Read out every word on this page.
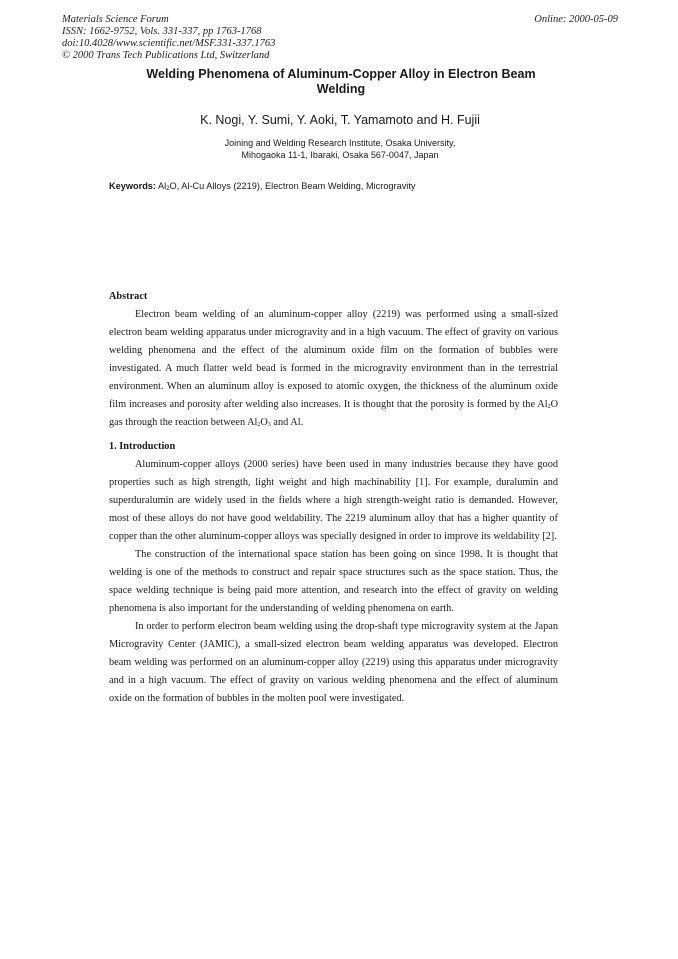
Materials Science Forum
ISSN: 1662-9752, Vols. 331-337, pp 1763-1768
doi:10.4028/www.scientific.net/MSF.331-337.1763
© 2000 Trans Tech Publications Ltd, Switzerland
Online: 2000-05-09
Welding Phenomena of Aluminum-Copper Alloy in Electron Beam
Welding
K. Nogi, Y. Sumi, Y. Aoki, T. Yamamoto and H. Fujii
Joining and Welding Research Institute, Osaka University,
Mihogaoka 11-1, Ibaraki, Osaka 567-0047, Japan
Keywords: $Al_2O$, Al-Cu Alloys (2219), Electron Beam Welding, Microgravity

Abstract

Electron beam welding of an aluminum-copper alloy (2219) was performed using a small-sized electron beam welding apparatus under microgravity and in a high vacuum. The effect of gravity on various welding phenomena and the effect of the aluminum oxide film on the formation of bubbles were investigated. A much flatter weld bead is formed in the microgravity environment than in the terrestrial environment. When an aluminum alloy is exposed to atomic oxygen, the thickness of the aluminum oxide film increases and porosity after welding also increases. It is thought that the porosity is formed by the $Al_2O$ gas through the reaction between $Al_2O_3$ and Al.

1. Introduction

Aluminum-copper alloys (2000 series) have been used in many industries because they have good properties such as high strength, light weight and high machinability [1]. For example, duralumin and superduralumin are widely used in the fields where a high strength-weight ratio is demanded. However, most of these alloys do not have good weldability. The 2219 aluminum alloy that has a higher quantity of copper than the other aluminum-copper alloys was specially designed in order to improve its weldability [2].

The construction of the international space station has been going on since 1998. It is thought that welding is one of the methods to construct and repair space structures such as the space station. Thus, the space welding technique is being paid more attention, and research into the effect of gravity on welding phenomena is also important for the understanding of welding phenomena on earth.

In order to perform electron beam welding using the drop-shaft type microgravity system at the Japan Microgravity Center (JAMIC), a small-sized electron beam welding apparatus was developed. Electron beam welding was performed on an aluminum-copper alloy (2219) using this apparatus under microgravity and in a high vacuum. The effect of gravity on various welding phenomena and the effect of aluminum oxide on the formation of bubbles in the molten pool were investigated.
